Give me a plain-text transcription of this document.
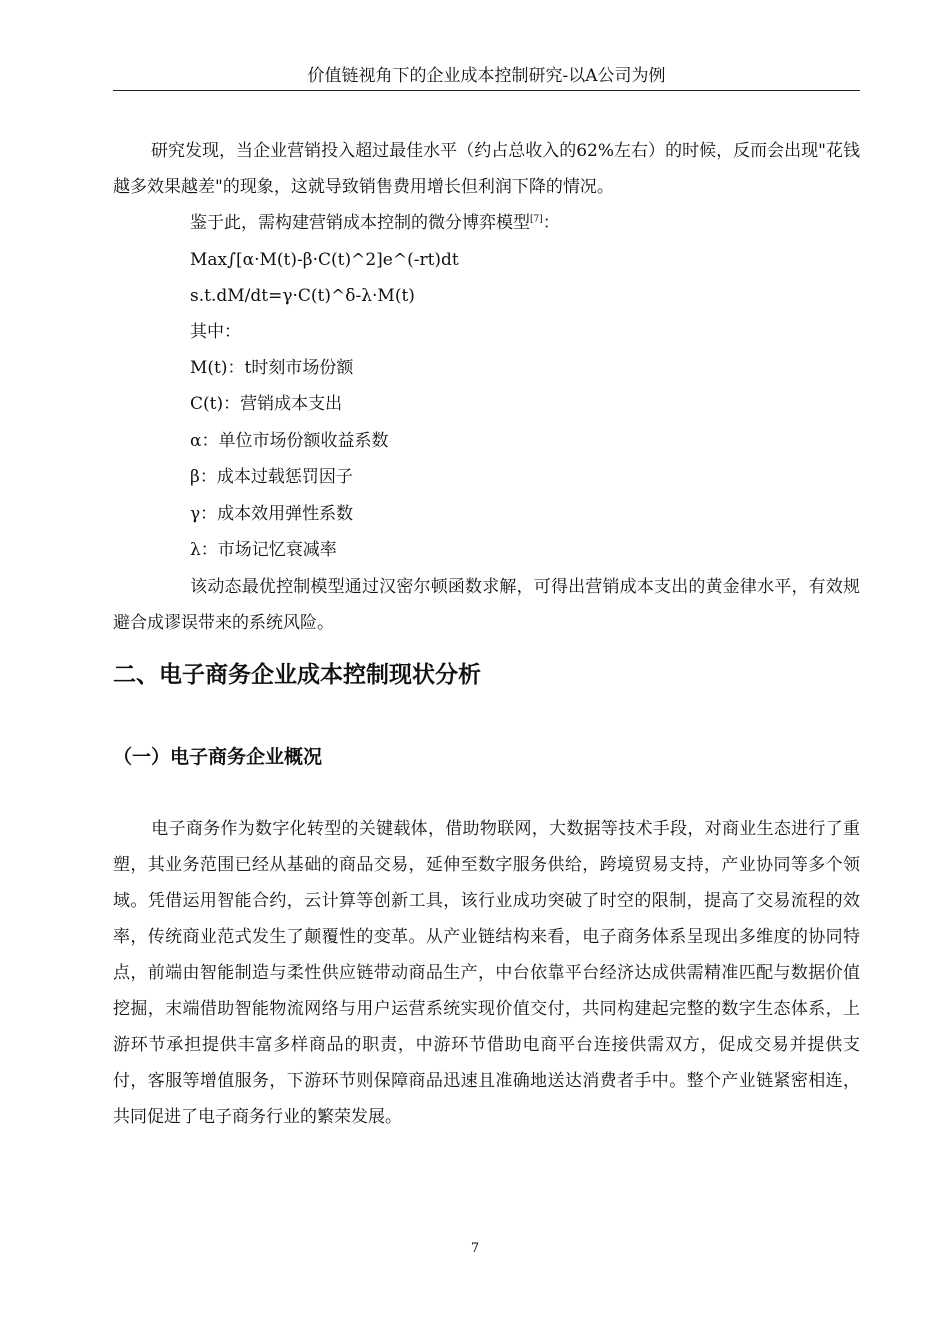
价值链视角下的企业成本控制研究-以A公司为例
研究发现，当企业营销投入超过最佳水平（约占总收入的62%左右）的时候，反而会出现"花钱越多效果越差"的现象，这就导致销售费用增长但利润下降的情况。
鉴于此，需构建营销成本控制的微分博弈模型[7]：
Max∫[α·M(t)-β·C(t)^2]e^(-rt)dt
s.t.dM/dt=γ·C(t)^δ-λ·M(t)
其中：
M(t)：t时刻市场份额
C(t)：营销成本支出
α：单位市场份额收益系数
β：成本过载惩罚因子
γ：成本效用弹性系数
λ：市场记忆衰减率
该动态最优控制模型通过汉密尔顿函数求解，可得出营销成本支出的黄金律水平，有效规避合成谬误带来的系统风险。
二、电子商务企业成本控制现状分析
（一）电子商务企业概况
电子商务作为数字化转型的关键载体，借助物联网，大数据等技术手段，对商业生态进行了重塑，其业务范围已经从基础的商品交易，延伸至数字服务供给，跨境贸易支持，产业协同等多个领域。凭借运用智能合约，云计算等创新工具，该行业成功突破了时空的限制，提高了交易流程的效率，传统商业范式发生了颠覆性的变革。从产业链结构来看，电子商务体系呈现出多维度的协同特点，前端由智能制造与柔性供应链带动商品生产，中台依靠平台经济达成供需精准匹配与数据价值挖掘，末端借助智能物流网络与用户运营系统实现价值交付，共同构建起完整的数字生态体系，上游环节承担提供丰富多样商品的职责，中游环节借助电商平台连接供需双方，促成交易并提供支付，客服等增值服务，下游环节则保障商品迅速且准确地送达消费者手中。整个产业链紧密相连，共同促进了电子商务行业的繁荣发展。
7
